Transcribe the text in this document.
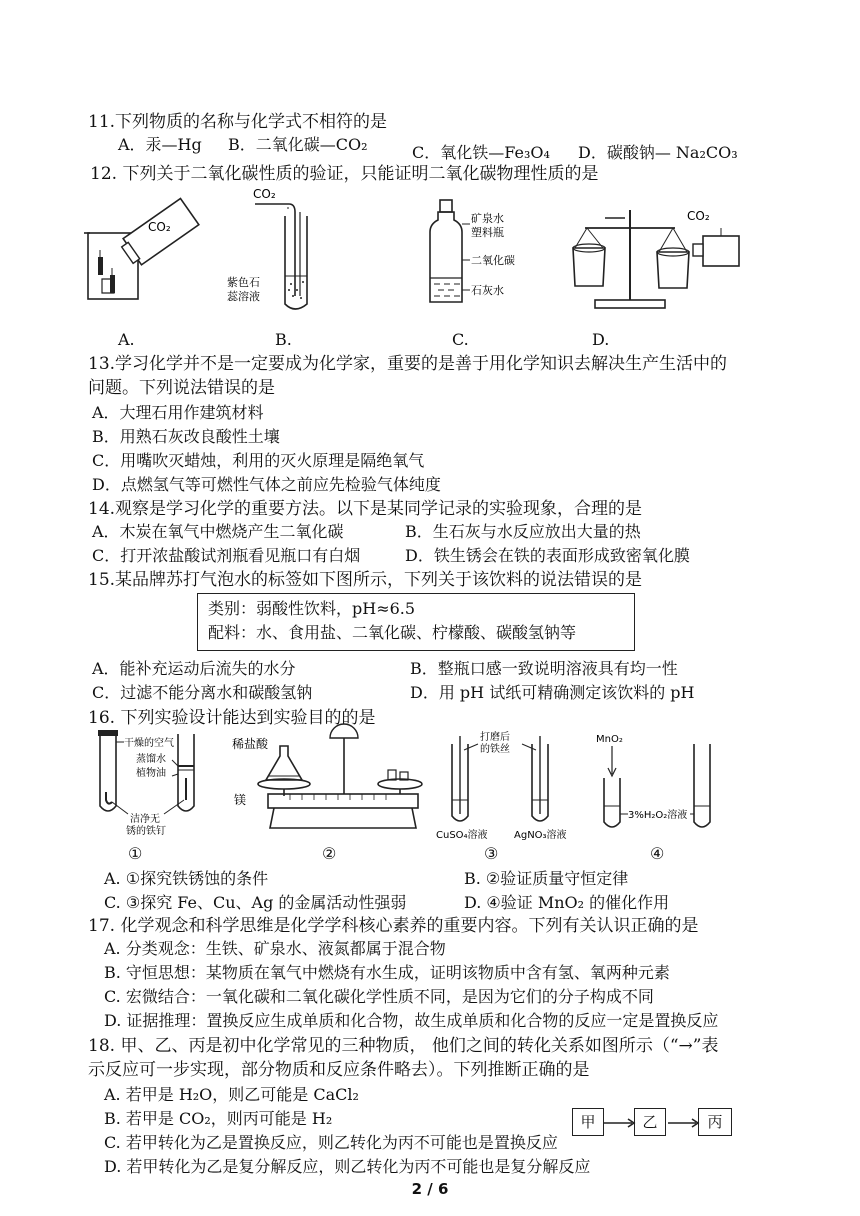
11.下列物质的名称与化学式不相符的是
A．汞—Hg B．二氧化碳—CO₂	C．氧化铁—Fe₃O₄ D．碳酸钠— Na₂CO₃
12. 下列关于二氧化碳性质的验证，只能证明二氧化碳物理性质的是
CO₂
CO₂
紫色石
蕊溶液
矿泉水
塑料瓶
二氧化碳
石灰水
CO₂
A.	B.	C.	D.
13.学习化学并不是一定要成为化学家，重要的是善于用化学知识去解决生产生活中的
问题。下列说法错误的是
A．大理石用作建筑材料
B．用熟石灰改良酸性土壤
C．用嘴吹灭蜡烛，利用的灭火原理是隔绝氧气
D．点燃氢气等可燃性气体之前应先检验气体纯度
14.观察是学习化学的重要方法。以下是某同学记录的实验现象，合理的是
A．木炭在氧气中燃烧产生二氧化碳	B．生石灰与水反应放出大量的热
C．打开浓盐酸试剂瓶看见瓶口有白烟	D．铁生锈会在铁的表面形成致密氧化膜
15.某品牌苏打气泡水的标签如下图所示，下列关于该饮料的说法错误的是
类别：弱酸性饮料，pH≈6.5
配料：水、食用盐、二氧化碳、柠檬酸、碳酸氢钠等
A．能补充运动后流失的水分	B．整瓶口感一致说明溶液具有均一性
C．过滤不能分离水和碳酸氢钠	D．用 pH 试纸可精确测定该饮料的 pH
16. 下列实验设计能达到实验目的的是
干燥的空气
蒸馏水
植物油
洁净无
锈的铁钉
稀盐酸
镁
打磨后
的铁丝
CuSO₄溶液	AgNO₃溶液
MnO₂
3%H₂O₂溶液
①	②	③	④
A. ①探究铁锈蚀的条件	B. ②验证质量守恒定律
C. ③探究 Fe、Cu、Ag 的金属活动性强弱	D. ④验证 MnO₂ 的催化作用
17. 化学观念和科学思维是化学学科核心素养的重要内容。下列有关认识正确的是
A. 分类观念：生铁、矿泉水、液氮都属于混合物
B. 守恒思想：某物质在氧气中燃烧有水生成，证明该物质中含有氢、氧两种元素
C. 宏微结合：一氧化碳和二氧化碳化学性质不同，是因为它们的分子构成不同
D. 证据推理：置换反应生成单质和化合物，故生成单质和化合物的反应一定是置换反应
18. 甲、乙、丙是初中化学常见的三种物质， 他们之间的转化关系如图所示（“→”表
示反应可一步实现，部分物质和反应条件略去）。下列推断正确的是
A. 若甲是 H₂O，则乙可能是 CaCl₂
B. 若甲是 CO₂，则丙可能是 H₂
C. 若甲转化为乙是置换反应，则乙转化为丙不可能也是置换反应
D. 若甲转化为乙是复分解反应，则乙转化为丙不可能也是复分解反应
甲	乙	丙
2 / 6
